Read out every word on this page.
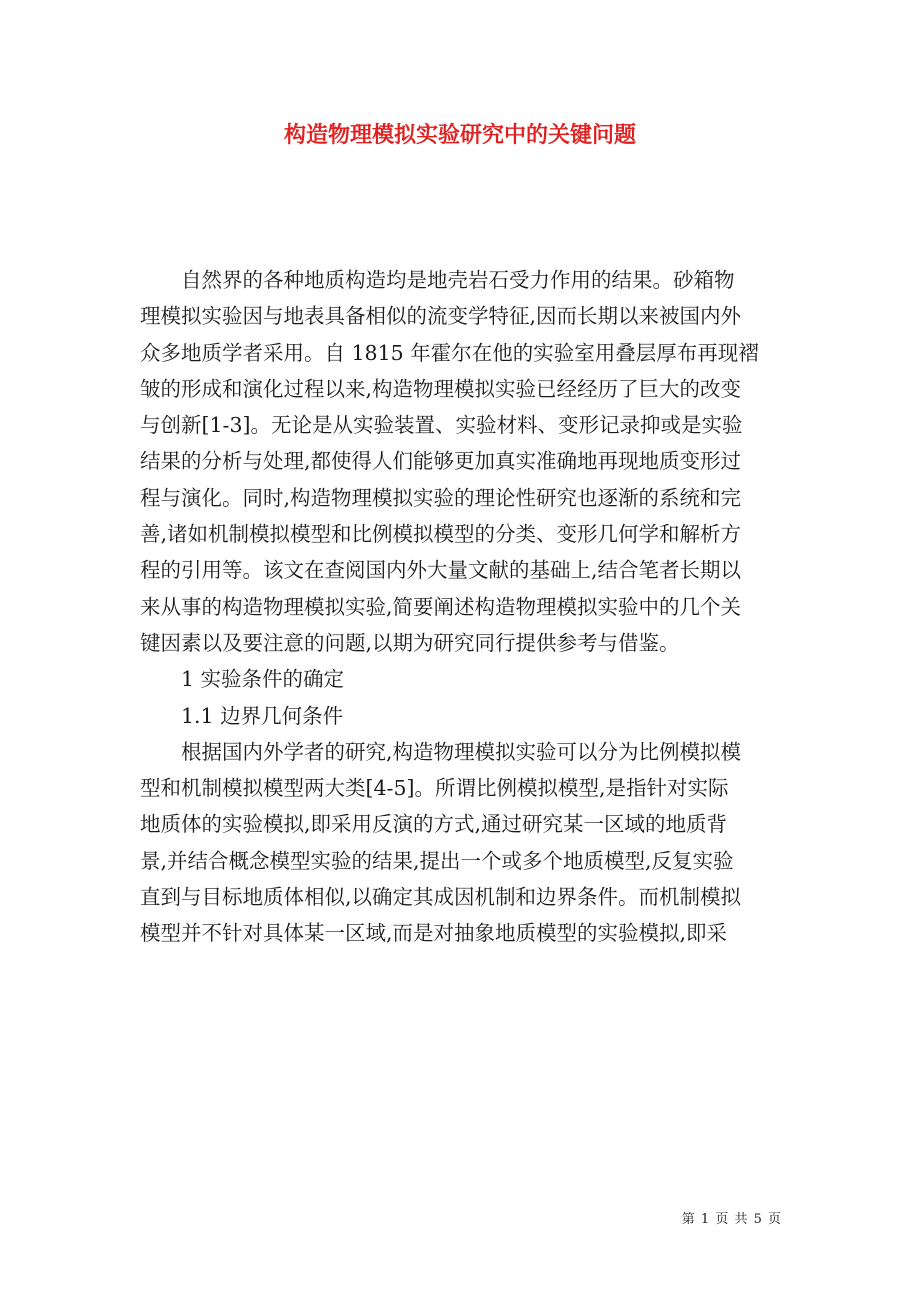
构造物理模拟实验研究中的关键问题
自然界的各种地质构造均是地壳岩石受力作用的结果。砂箱物
理模拟实验因与地表具备相似的流变学特征,因而长期以来被国内外
众多地质学者采用。自 1815 年霍尔在他的实验室用叠层厚布再现褶
皱的形成和演化过程以来,构造物理模拟实验已经经历了巨大的改变
与创新[1-3]。无论是从实验装置、实验材料、变形记录抑或是实验
结果的分析与处理,都使得人们能够更加真实准确地再现地质变形过
程与演化。同时,构造物理模拟实验的理论性研究也逐渐的系统和完
善,诸如机制模拟模型和比例模拟模型的分类、变形几何学和解析方
程的引用等。该文在查阅国内外大量文献的基础上,结合笔者长期以
来从事的构造物理模拟实验,简要阐述构造物理模拟实验中的几个关
键因素以及要注意的问题,以期为研究同行提供参考与借鉴。
1 实验条件的确定
1.1 边界几何条件
根据国内外学者的研究,构造物理模拟实验可以分为比例模拟模
型和机制模拟模型两大类[4-5]。所谓比例模拟模型,是指针对实际
地质体的实验模拟,即采用反演的方式,通过研究某一区域的地质背
景,并结合概念模型实验的结果,提出一个或多个地质模型,反复实验
直到与目标地质体相似,以确定其成因机制和边界条件。而机制模拟
模型并不针对具体某一区域,而是对抽象地质模型的实验模拟,即采
第 1 页 共 5 页
